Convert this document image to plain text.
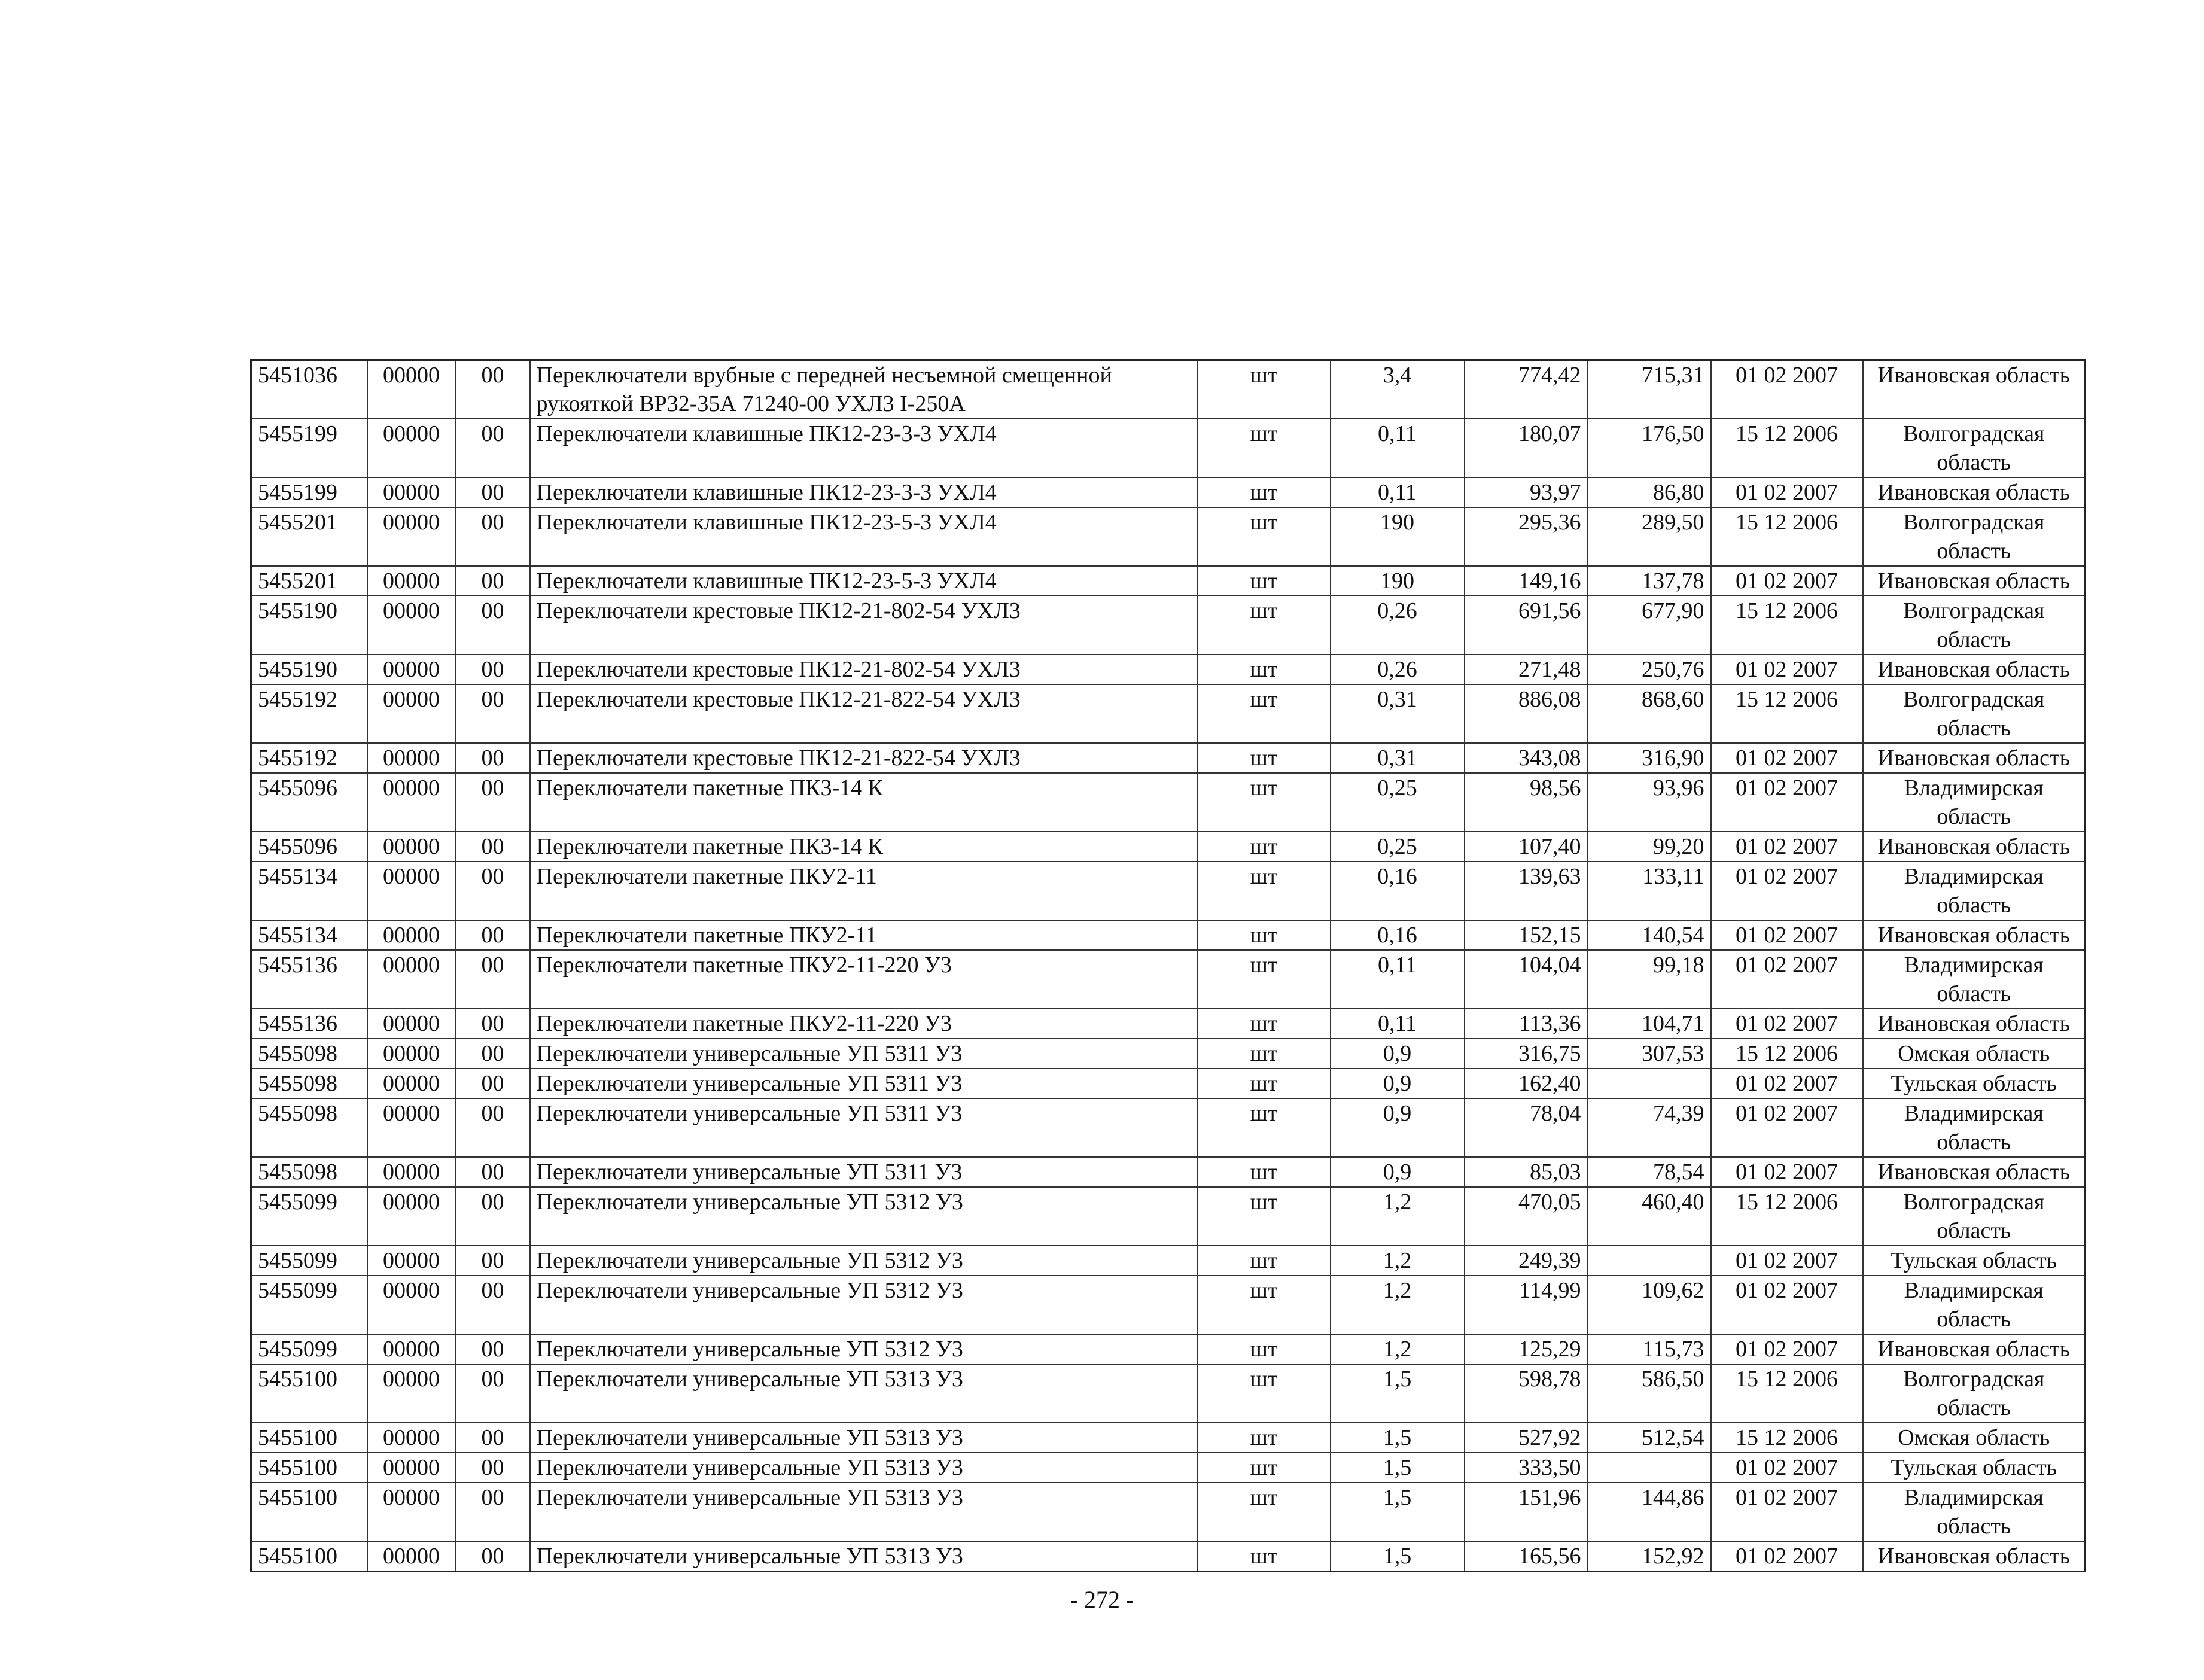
5451036	00000	00	Переключатели врубные с передней несъемной смещенной рукояткой ВР32-35А 71240-00 УХЛ3 I-250А	шт	3,4	774,42	715,31	01 02 2007	Ивановская область
5455199	00000	00	Переключатели клавишные ПК12-23-3-3 УХЛ4	шт	0,11	180,07	176,50	15 12 2006	Волгоградская область
5455199	00000	00	Переключатели клавишные ПК12-23-3-3 УХЛ4	шт	0,11	93,97	86,80	01 02 2007	Ивановская область
5455201	00000	00	Переключатели клавишные ПК12-23-5-3 УХЛ4	шт	190	295,36	289,50	15 12 2006	Волгоградская область
5455201	00000	00	Переключатели клавишные ПК12-23-5-3 УХЛ4	шт	190	149,16	137,78	01 02 2007	Ивановская область
5455190	00000	00	Переключатели крестовые ПК12-21-802-54 УХЛ3	шт	0,26	691,56	677,90	15 12 2006	Волгоградская область
5455190	00000	00	Переключатели крестовые ПК12-21-802-54 УХЛ3	шт	0,26	271,48	250,76	01 02 2007	Ивановская область
5455192	00000	00	Переключатели крестовые ПК12-21-822-54 УХЛ3	шт	0,31	886,08	868,60	15 12 2006	Волгоградская область
5455192	00000	00	Переключатели крестовые ПК12-21-822-54 УХЛ3	шт	0,31	343,08	316,90	01 02 2007	Ивановская область
5455096	00000	00	Переключатели пакетные ПК3-14 К	шт	0,25	98,56	93,96	01 02 2007	Владимирская область
5455096	00000	00	Переключатели пакетные ПК3-14 К	шт	0,25	107,40	99,20	01 02 2007	Ивановская область
5455134	00000	00	Переключатели пакетные ПКУ2-11	шт	0,16	139,63	133,11	01 02 2007	Владимирская область
5455134	00000	00	Переключатели пакетные ПКУ2-11	шт	0,16	152,15	140,54	01 02 2007	Ивановская область
5455136	00000	00	Переключатели пакетные ПКУ2-11-220 У3	шт	0,11	104,04	99,18	01 02 2007	Владимирская область
5455136	00000	00	Переключатели пакетные ПКУ2-11-220 У3	шт	0,11	113,36	104,71	01 02 2007	Ивановская область
5455098	00000	00	Переключатели универсальные УП 5311 У3	шт	0,9	316,75	307,53	15 12 2006	Омская область
5455098	00000	00	Переключатели универсальные УП 5311 У3	шт	0,9	162,40		01 02 2007	Тульская область
5455098	00000	00	Переключатели универсальные УП 5311 У3	шт	0,9	78,04	74,39	01 02 2007	Владимирская область
5455098	00000	00	Переключатели универсальные УП 5311 У3	шт	0,9	85,03	78,54	01 02 2007	Ивановская область
5455099	00000	00	Переключатели универсальные УП 5312 У3	шт	1,2	470,05	460,40	15 12 2006	Волгоградская область
5455099	00000	00	Переключатели универсальные УП 5312 У3	шт	1,2	249,39		01 02 2007	Тульская область
5455099	00000	00	Переключатели универсальные УП 5312 У3	шт	1,2	114,99	109,62	01 02 2007	Владимирская область
5455099	00000	00	Переключатели универсальные УП 5312 У3	шт	1,2	125,29	115,73	01 02 2007	Ивановская область
5455100	00000	00	Переключатели универсальные УП 5313 У3	шт	1,5	598,78	586,50	15 12 2006	Волгоградская область
5455100	00000	00	Переключатели универсальные УП 5313 У3	шт	1,5	527,92	512,54	15 12 2006	Омская область
5455100	00000	00	Переключатели универсальные УП 5313 У3	шт	1,5	333,50		01 02 2007	Тульская область
5455100	00000	00	Переключатели универсальные УП 5313 У3	шт	1,5	151,96	144,86	01 02 2007	Владимирская область
5455100	00000	00	Переключатели универсальные УП 5313 У3	шт	1,5	165,56	152,92	01 02 2007	Ивановская область
- 272 -
